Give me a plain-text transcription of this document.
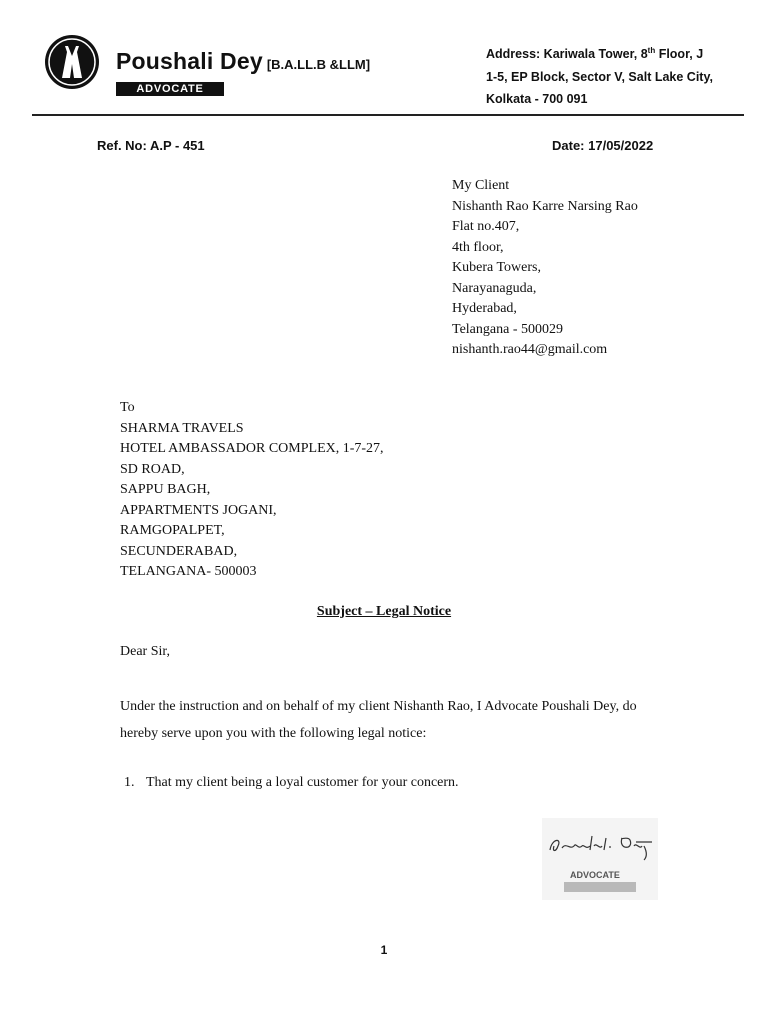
Poushali Dey [B.A.LL.B &LLM]
ADVOCATE
Address: Kariwala Tower, 8th Floor, J
1-5, EP Block, Sector V, Salt Lake City,
Kolkata - 700 091
Ref. No: A.P - 451	Date: 17/05/2022
My Client
Nishanth Rao Karre Narsing Rao
Flat no.407,
4th floor,
Kubera Towers,
Narayanaguda,
Hyderabad,
Telangana - 500029
nishanth.rao44@gmail.com
To
SHARMA TRAVELS
HOTEL AMBASSADOR COMPLEX, 1-7-27,
SD ROAD,
SAPPU BAGH,
APPARTMENTS JOGANI,
RAMGOPALPET,
SECUNDERABAD,
TELANGANA- 500003
Subject – Legal Notice
Dear Sir,
Under the instruction and on behalf of my client Nishanth Rao, I Advocate Poushali Dey, do hereby serve upon you with the following legal notice:
1. That my client being a loyal customer for your concern.
ADVOCATE
1
